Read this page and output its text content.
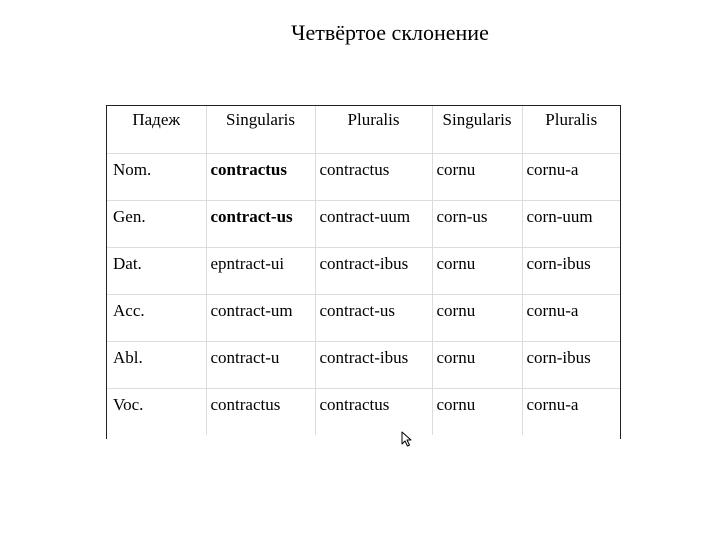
Четвёртое склонение
Падеж	Singularis	Pluralis	Singularis	Pluralis
Nom.	contractus	contractus	cornu	cornu-a
Gen.	contract-us	contract-uum	corn-us	corn-uum
Dat.	epntract-ui	contract-ibus	cornu	corn-ibus
Acc.	contract-um	contract-us	cornu	cornu-a
Abl.	contract-u	contract-ibus	cornu	corn-ibus
Voc.	contractus	contractus	cornu	cornu-a
